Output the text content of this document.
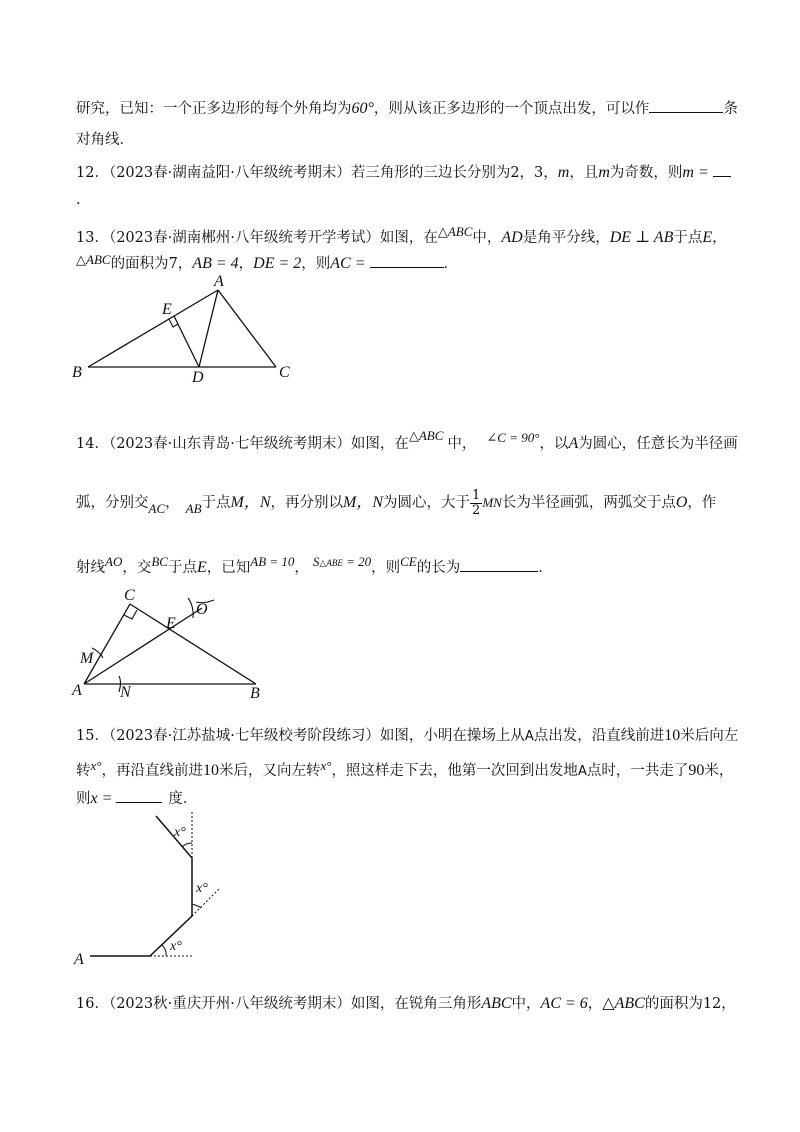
研究，已知：一个正多边形的每个外角均为60°，则从该正多边形的一个顶点出发，可以作	条
对角线．
12．（2023春·湖南益阳·八年级统考期末）若三角形的三边长分别为2，3，m，且m为奇数，则m =
.
13．（2023春·湖南郴州·八年级统考开学考试）如图，在△ABC中，AD是角平分线，DE ⊥ AB于点E，
△ABC的面积为7，AB = 4，DE = 2，则AC =	．
A
B	C
D
E
14．（2023春·山东青岛·七年级统考期末）如图，在△ABC中， ∠C = 90°，以A为圆心，任意长为半径画
弧，分别交AC， AB于点M，N，再分别以M，N为圆心，大于 $\frac{1}{2}$ MN长为半径画弧，两弧交于点O，作
射线AO，交BC于点E，已知AB = 10， S△ABE = 20，则CE的长为	．
A	B
C
E
M
N
O
15．（2023春·江苏盐城·七年级校考阶段练习）如图，小明在操场上从A点出发，沿直线前进10米后向左
转x°，再沿直线前进10米后，又向左转x°，照这样走下去，他第一次回到出发地A点时，一共走了90米，
则x =	度．
A
x°
x°
x°
16．（2023秋·重庆开州·八年级统考期末）如图，在锐角三角形ABC中，AC = 6，△ABC的面积为12，
